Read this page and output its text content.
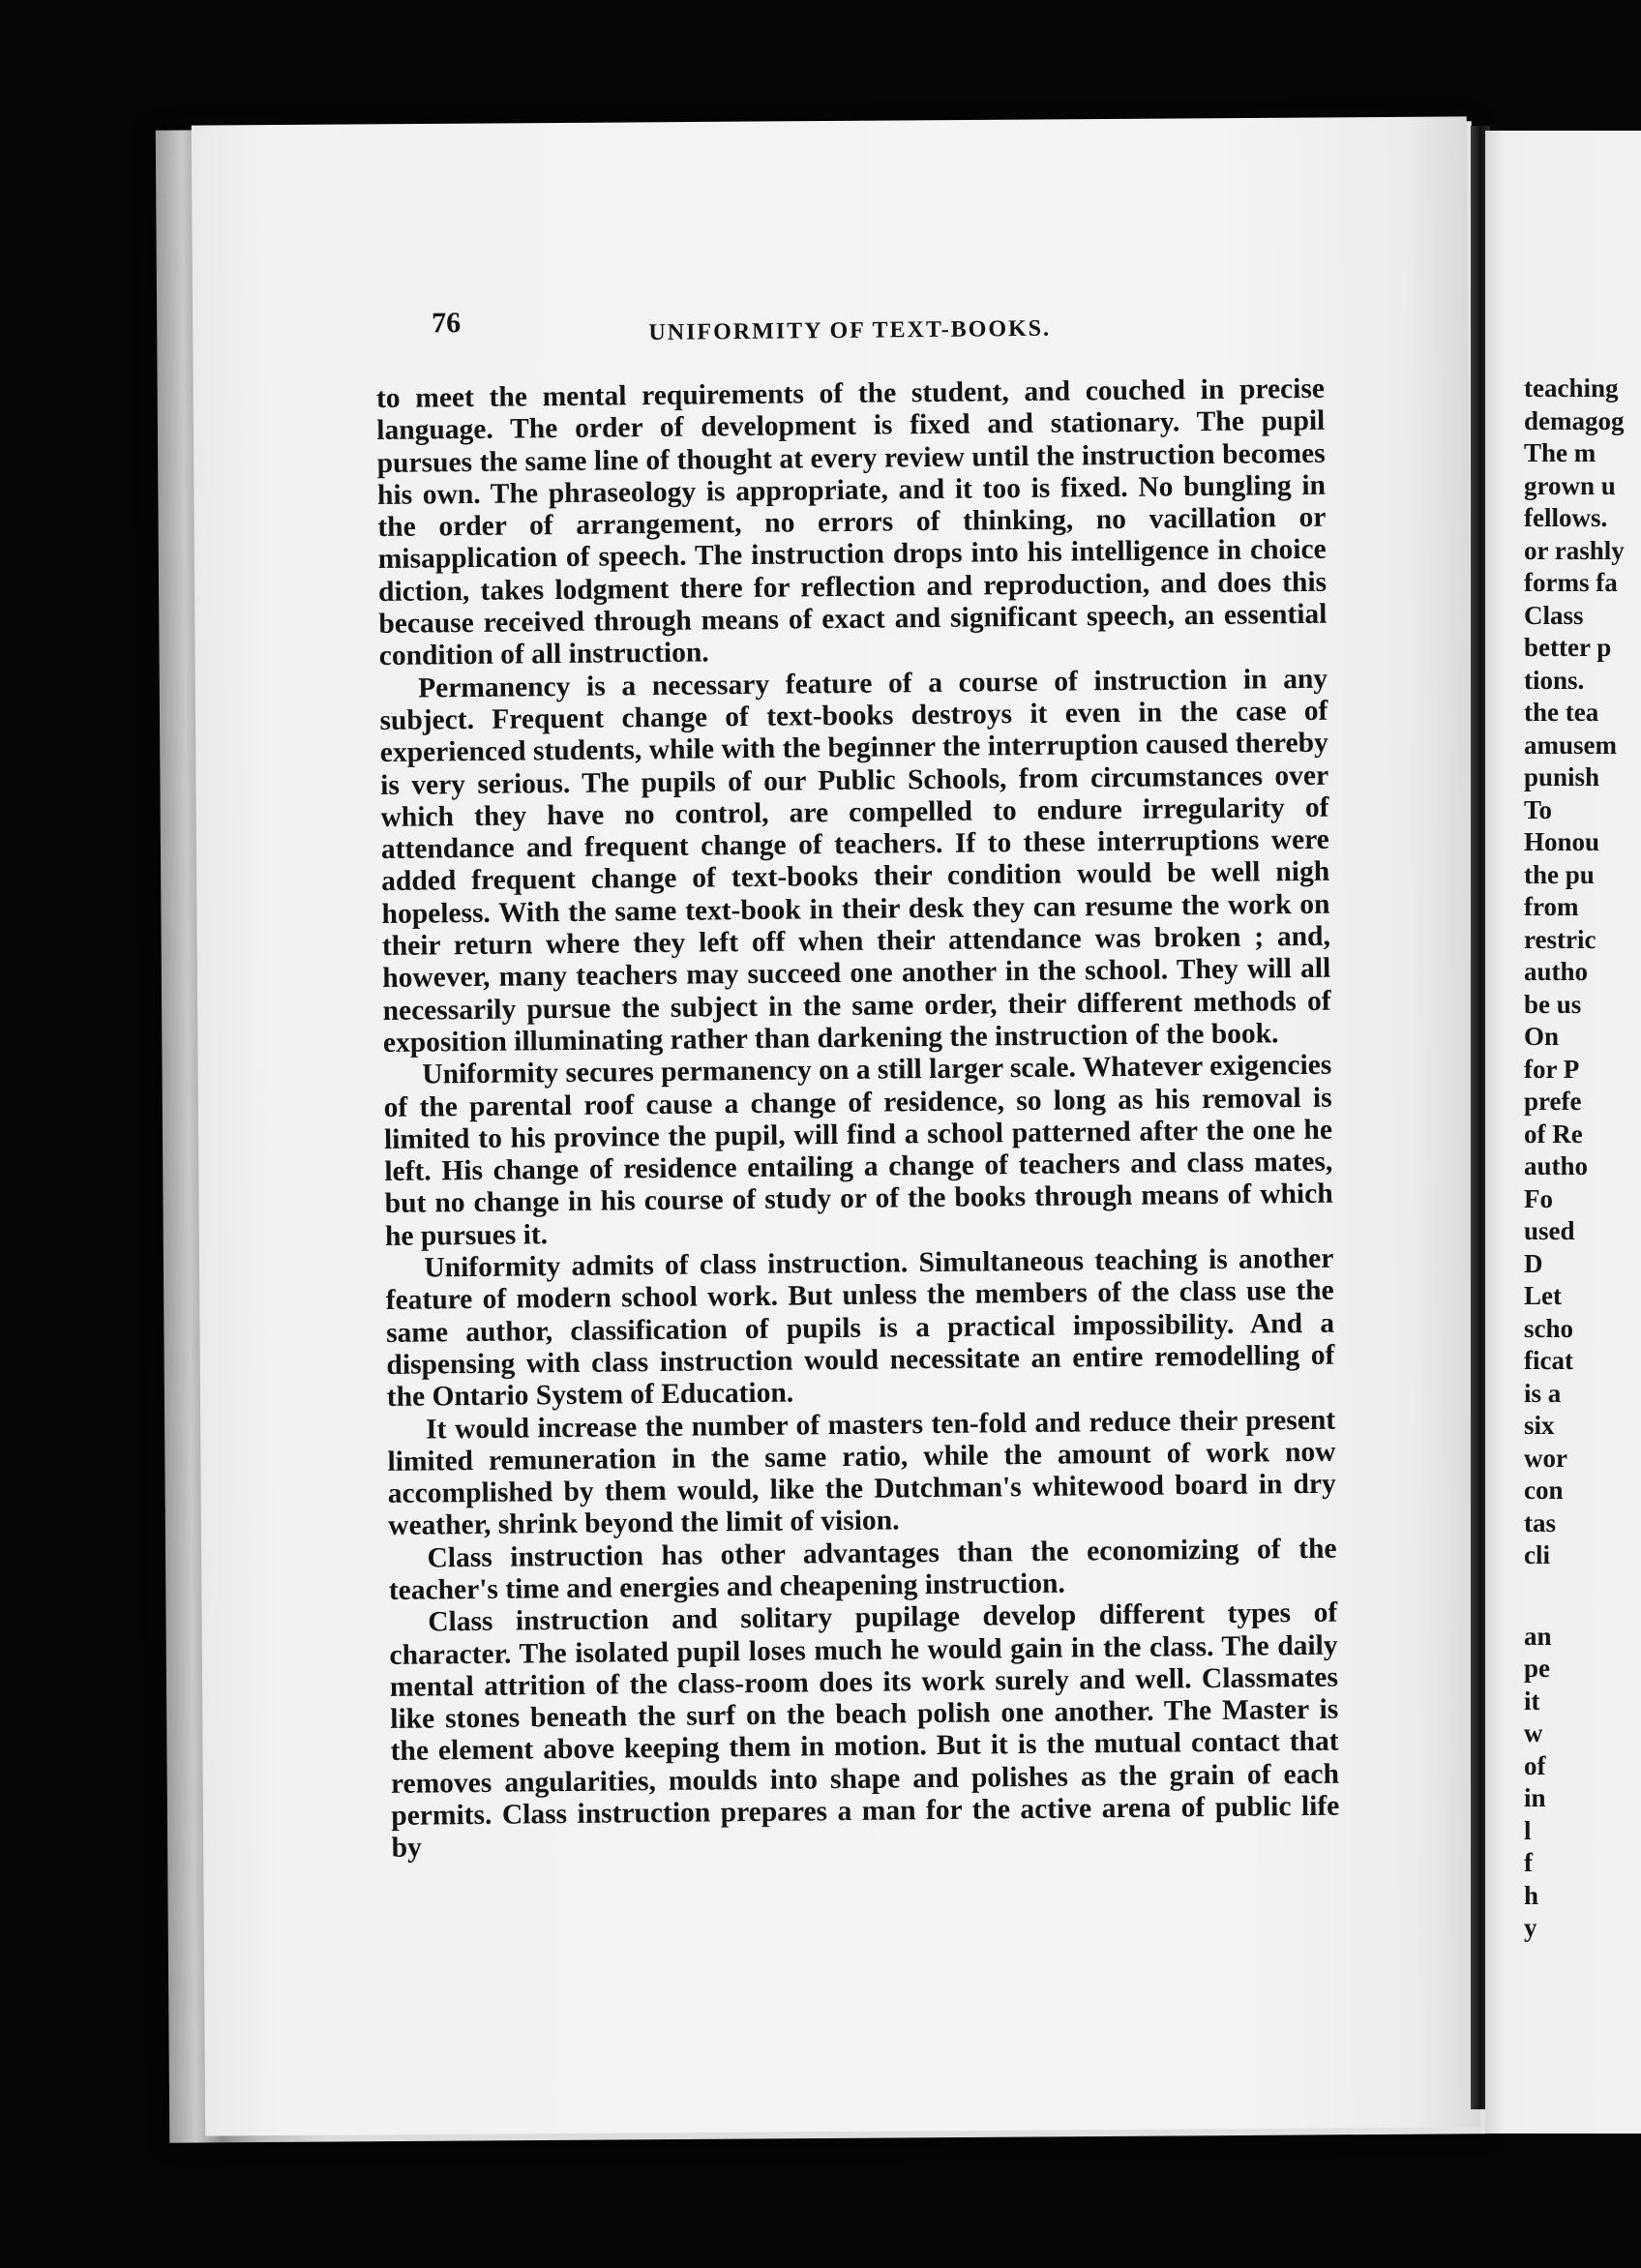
76	UNIFORMITY OF TEXT-BOOKS.

to meet the mental requirements of the student, and couched in precise language. The order of development is fixed and stationary. The pupil pursues the same line of thought at every review until the instruction becomes his own. The phraseology is appropriate, and it too is fixed. No bungling in the order of arrangement, no errors of thinking, no vacillation or misapplication of speech. The instruction drops into his intelligence in choice diction, takes lodgment there for reflection and reproduction, and does this because received through means of exact and significant speech, an essential condition of all instruction.

Permanency is a necessary feature of a course of instruction in any subject. Frequent change of text-books destroys it even in the case of experienced students, while with the beginner the interruption caused thereby is very serious. The pupils of our Public Schools, from circumstances over which they have no control, are compelled to endure irregularity of attendance and frequent change of teachers. If to these interruptions were added frequent change of text-books their condition would be well nigh hopeless. With the same text-book in their desk they can resume the work on their return where they left off when their attendance was broken ; and, however, many teachers may succeed one another in the school. They will all necessarily pursue the subject in the same order, their different methods of exposition illuminating rather than darkening the instruction of the book.

Uniformity secures permanency on a still larger scale. Whatever exigencies of the parental roof cause a change of residence, so long as his removal is limited to his province the pupil, will find a school patterned after the one he left. His change of residence entailing a change of teachers and class mates, but no change in his course of study or of the books through means of which he pursues it.

Uniformity admits of class instruction. Simultaneous teaching is another feature of modern school work. But unless the members of the class use the same author, classification of pupils is a practical impossibility. And a dispensing with class instruction would necessitate an entire remodelling of the Ontario System of Education.

It would increase the number of masters ten-fold and reduce their present limited remuneration in the same ratio, while the amount of work now accomplished by them would, like the Dutchman's whitewood board in dry weather, shrink beyond the limit of vision.

Class instruction has other advantages than the economizing of the teacher's time and energies and cheapening instruction.

Class instruction and solitary pupilage develop different types of character. The isolated pupil loses much he would gain in the class. The daily mental attrition of the class-room does its work surely and well. Classmates like stones beneath the surf on the beach polish one another. The Master is the element above keeping them in motion. But it is the mutual contact that removes angularities, moulds into shape and polishes as the grain of each permits. Class instruction prepares a man for the active arena of public life by

teaching
demagog
The m
grown u
fellows.
or rashly
forms fa
Class
better p
tions.
the tea
amusem
punish
To
Honou
the pu
from
restric
autho
be us
On
for P
prefe
of Re
autho
Fo
used
D
Let
scho
ficat
is a
six
wor
con
tas
cli
an
pe
it
w
of
in
l
f
h
y
